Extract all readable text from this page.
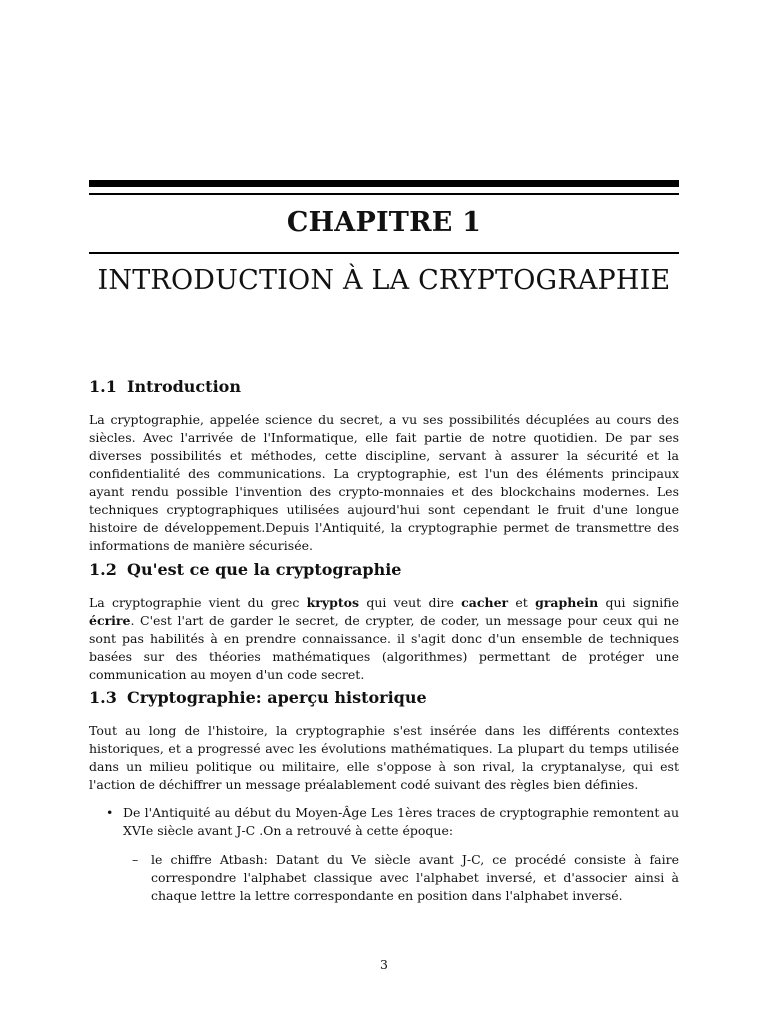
CHAPITRE 1
INTRODUCTION À LA CRYPTOGRAPHIE
1.1 Introduction

La cryptographie, appelée science du secret, a vu ses possibilités décuplées au cours des siècles. Avec l'arrivée de l'Informatique, elle fait partie de notre quotidien. De par ses diverses possibilités et méthodes, cette discipline, servant à assurer la sécurité et la confidentialité des communications. La cryptographie, est l'un des éléments principaux ayant rendu possible l'invention des crypto-monnaies et des blockchains modernes. Les techniques cryptographiques utilisées aujourd'hui sont cependant le fruit d'une longue histoire de développement.Depuis l'Antiquité, la cryptographie permet de transmettre des informations de manière sécurisée.

1.2 Qu'est ce que la cryptographie

La cryptographie vient du grec kryptos qui veut dire cacher et graphein qui signifie écrire. C'est l'art de garder le secret, de crypter, de coder, un message pour ceux qui ne sont pas habilités à en prendre connaissance. il s'agit donc d'un ensemble de techniques basées sur des théories mathématiques (algorithmes) permettant de protéger une communication au moyen d'un code secret.

1.3 Cryptographie: aperçu historique

Tout au long de l'histoire, la cryptographie s'est insérée dans les différents contextes historiques, et a progressé avec les évolutions mathématiques. La plupart du temps utilisée dans un milieu politique ou militaire, elle s'oppose à son rival, la cryptanalyse, qui est l'action de déchiffrer un message préalablement codé suivant des règles bien définies.

• De l'Antiquité au début du Moyen-Âge Les 1ères traces de cryptographie remontent au XVIe siècle avant J-C .On a retrouvé à cette époque:
– le chiffre Atbash: Datant du Ve siècle avant J-C, ce procédé consiste à faire correspondre l'alphabet classique avec l'alphabet inversé, et d'associer ainsi à chaque lettre la lettre correspondante en position dans l'alphabet inversé.
3
